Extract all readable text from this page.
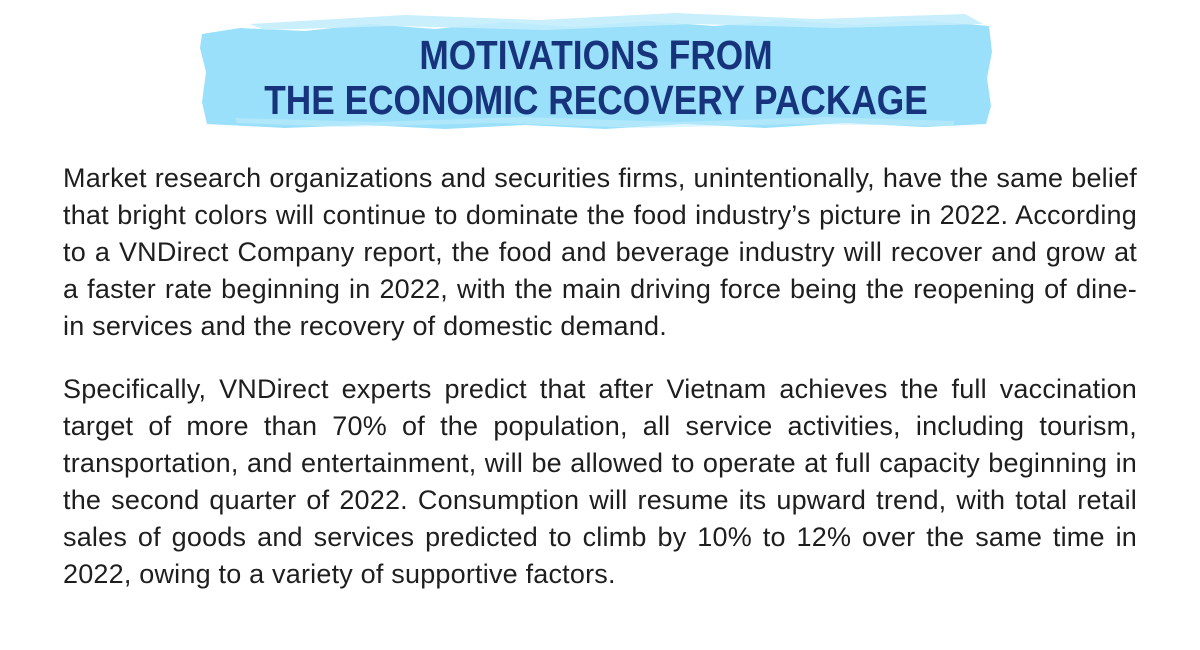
MOTIVATIONS FROM
THE ECONOMIC RECOVERY PACKAGE

Market research organizations and securities firms, unintentionally, have the same belief that bright colors will continue to dominate the food industry’s picture in 2022. According to a VNDirect Company report, the food and beverage industry will recover and grow at a faster rate beginning in 2022, with the main driving force being the reopening of dine-in services and the recovery of domestic demand.

Specifically, VNDirect experts predict that after Vietnam achieves the full vaccination target of more than 70% of the population, all service activities, including tourism, transportation, and entertainment, will be allowed to operate at full capacity beginning in the second quarter of 2022. Consumption will resume its upward trend, with total retail sales of goods and services predicted to climb by 10% to 12% over the same time in 2022, owing to a variety of supportive factors.
